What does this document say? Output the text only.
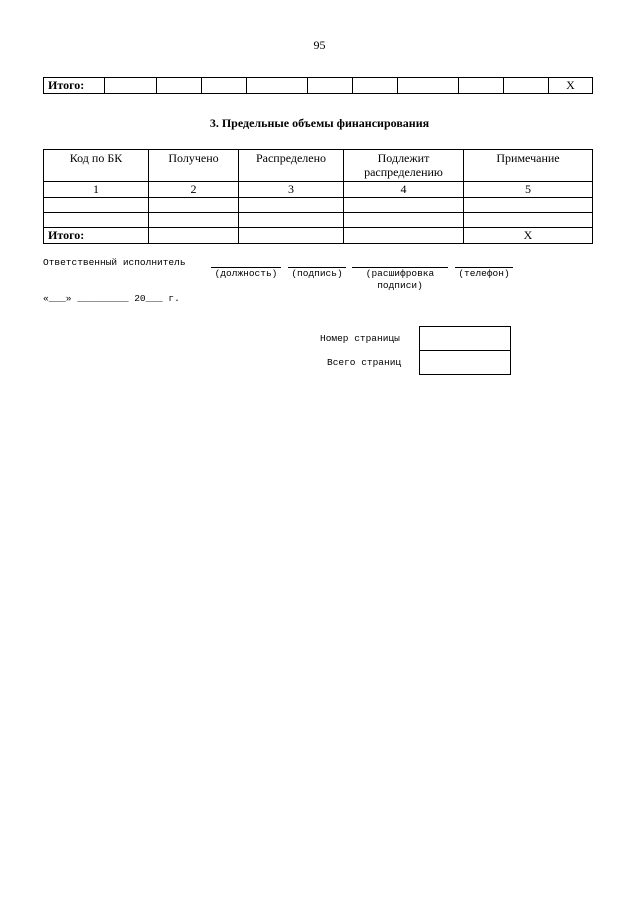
95
Итого:										X
3. Предельные объемы финансирования
Код по БК	Получено	Распределено	Подлежит распределению	Примечание
1	2	3	4	5

Итого:				X
Ответственный исполнитель
(должность)	(подпись)	(расшифровка
подписи)
(телефон)
«___» _________ 20___ г.
Номер страницы
Всего страниц
